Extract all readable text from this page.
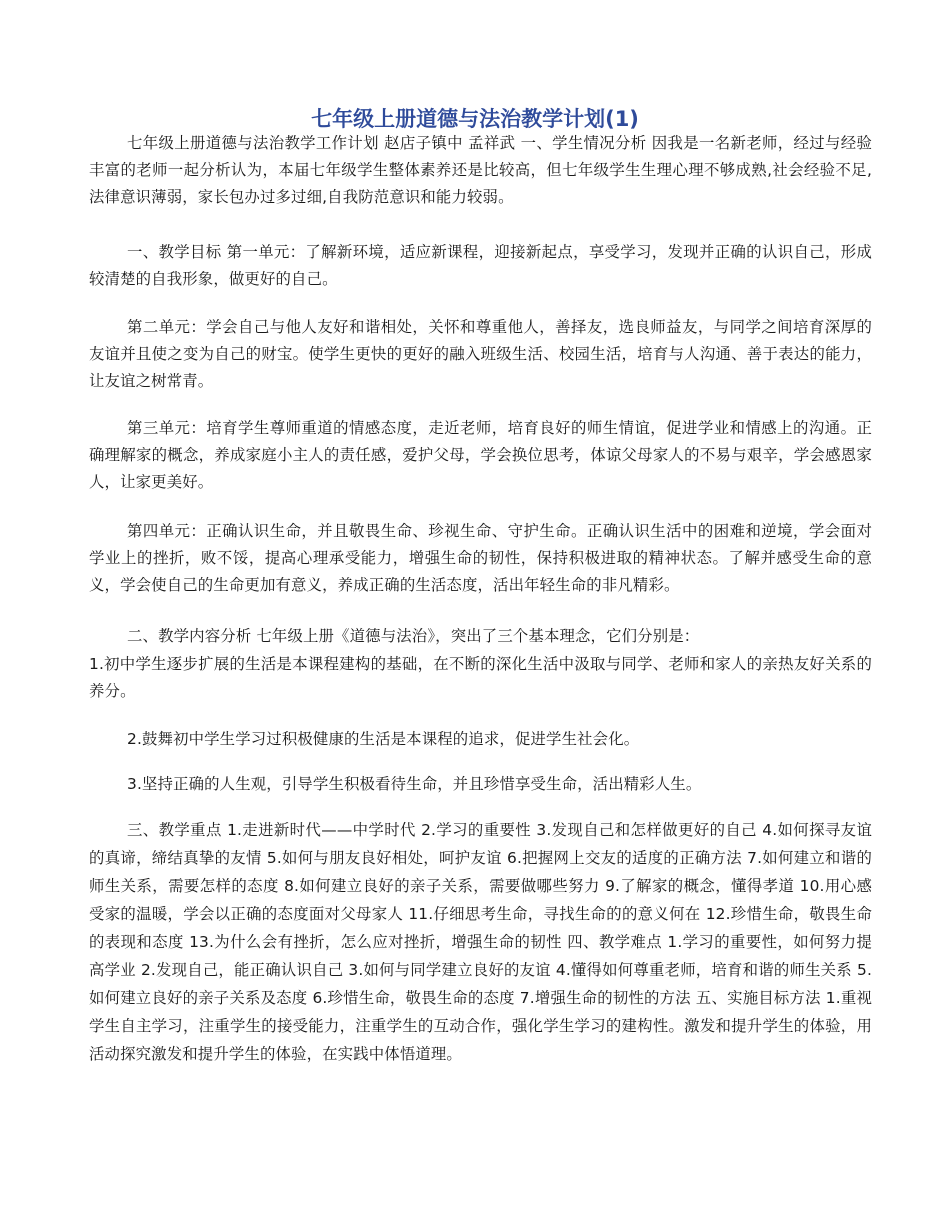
七年级上册道德与法治教学计划(1)
七年级上册道德与法治教学工作计划 赵店子镇中 孟祥武 一、学生情况分析 因我是一名新老师，经过与经验丰富的老师一起分析认为，本届七年级学生整体素养还是比较高，但七年级学生生理心理不够成熟,社会经验不足,法律意识薄弱，家长包办过多过细,自我防范意识和能力较弱。
一、教学目标 第一单元：了解新环境，适应新课程，迎接新起点，享受学习，发现并正确的认识自己，形成较清楚的自我形象，做更好的自己。
第二单元：学会自己与他人友好和谐相处，关怀和尊重他人，善择友，选良师益友，与同学之间培育深厚的友谊并且使之变为自己的财宝。使学生更快的更好的融入班级生活、校园生活，培育与人沟通、善于表达的能力，让友谊之树常青。
第三单元：培育学生尊师重道的情感态度，走近老师，培育良好的师生情谊，促进学业和情感上的沟通。正确理解家的概念，养成家庭小主人的责任感，爱护父母，学会换位思考，体谅父母家人的不易与艰辛，学会感恩家人，让家更美好。
第四单元：正确认识生命，并且敬畏生命、珍视生命、守护生命。正确认识生活中的困难和逆境，学会面对学业上的挫折，败不馁，提高心理承受能力，增强生命的韧性，保持积极进取的精神状态。了解并感受生命的意义，学会使自己的生命更加有意义，养成正确的生活态度，活出年轻生命的非凡精彩。
二、教学内容分析 七年级上册《道德与法治》，突出了三个基本理念，它们分别是：
1.初中学生逐步扩展的生活是本课程建构的基础，在不断的深化生活中汲取与同学、老师和家人的亲热友好关系的养分。
2.鼓舞初中学生学习过积极健康的生活是本课程的追求，促进学生社会化。
3.坚持正确的人生观，引导学生积极看待生命，并且珍惜享受生命，活出精彩人生。
三、教学重点 1.走进新时代——中学时代 2.学习的重要性 3.发现自己和怎样做更好的自己 4.如何探寻友谊的真谛，缔结真挚的友情 5.如何与朋友良好相处，呵护友谊 6.把握网上交友的适度的正确方法 7.如何建立和谐的师生关系，需要怎样的态度 8.如何建立良好的亲子关系，需要做哪些努力 9.了解家的概念，懂得孝道 10.用心感受家的温暖，学会以正确的态度面对父母家人 11.仔细思考生命，寻找生命的的意义何在 12.珍惜生命，敬畏生命的表现和态度 13.为什么会有挫折，怎么应对挫折，增强生命的韧性 四、教学难点 1.学习的重要性，如何努力提高学业 2.发现自己，能正确认识自己 3.如何与同学建立良好的友谊 4.懂得如何尊重老师，培育和谐的师生关系 5.如何建立良好的亲子关系及态度 6.珍惜生命，敬畏生命的态度 7.增强生命的韧性的方法 五、实施目标方法 1.重视学生自主学习，注重学生的接受能力，注重学生的互动合作，强化学生学习的建构性。激发和提升学生的体验，用活动探究激发和提升学生的体验，在实践中体悟道理。
